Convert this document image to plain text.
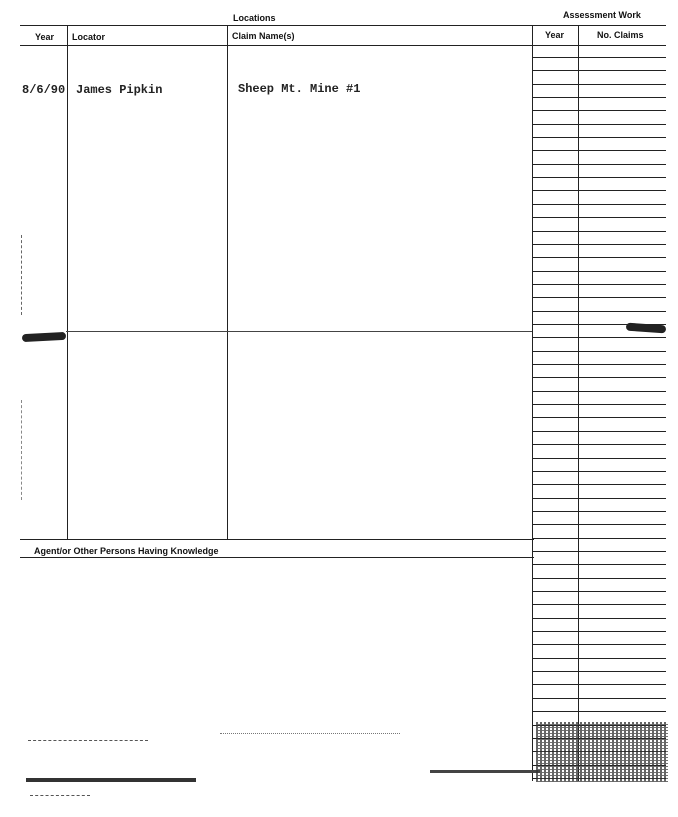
Locations	Assessment Work
Year Locator	Claim Name(s)	Year	No. Claims
8/6/90 James Pipkin	Sheep Mt. Mine #1
Agent/or Other Persons Having Knowledge
